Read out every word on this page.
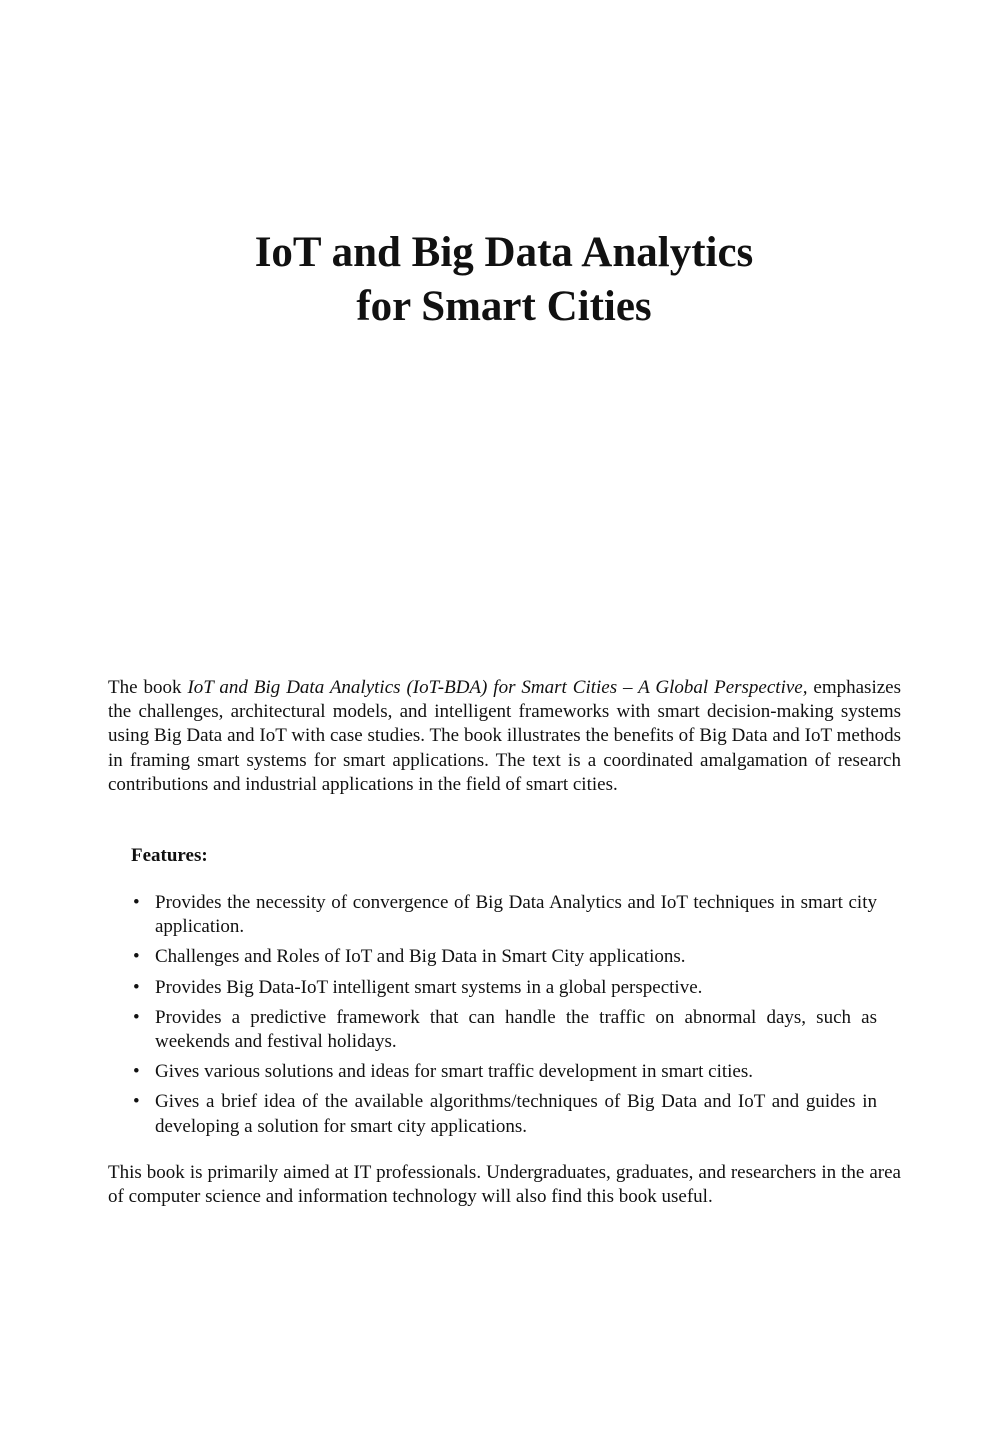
IoT and Big Data Analytics
for Smart Cities

The book IoT and Big Data Analytics (IoT-BDA) for Smart Cities – A Global Perspective, emphasizes the challenges, architectural models, and intelligent frameworks with smart decision-making systems using Big Data and IoT with case studies. The book illustrates the benefits of Big Data and IoT methods in framing smart systems for smart applications. The text is a coordinated amalgamation of research contributions and industrial applications in the field of smart cities.

Features:

• Provides the necessity of convergence of Big Data Analytics and IoT techniques in smart city application.
• Challenges and Roles of IoT and Big Data in Smart City applications.
• Provides Big Data-IoT intelligent smart systems in a global perspective.
• Provides a predictive framework that can handle the traffic on abnormal days, such as weekends and festival holidays.
• Gives various solutions and ideas for smart traffic development in smart cities.
• Gives a brief idea of the available algorithms/techniques of Big Data and IoT and guides in developing a solution for smart city applications.

This book is primarily aimed at IT professionals. Undergraduates, graduates, and researchers in the area of computer science and information technology will also find this book useful.
